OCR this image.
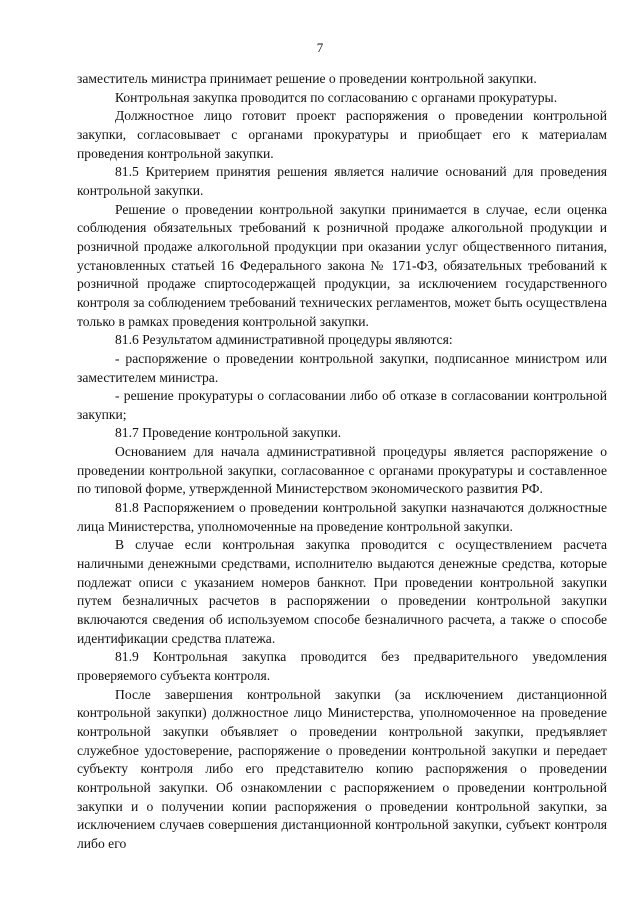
7

заместитель министра принимает решение о проведении контрольной закупки.

Контрольная закупка проводится по согласованию с органами прокуратуры.

Должностное лицо готовит проект распоряжения о проведении контрольной закупки, согласовывает с органами прокуратуры и приобщает его к материалам проведения контрольной закупки.

81.5 Критерием принятия решения является наличие оснований для проведения контрольной закупки.

Решение о проведении контрольной закупки принимается в случае, если оценка соблюдения обязательных требований к розничной продаже алкогольной продукции и розничной продаже алкогольной продукции при оказании услуг общественного питания, установленных статьей 16 Федерального закона № 171-ФЗ, обязательных требований к розничной продаже спиртосодержащей продукции, за исключением государственного контроля за соблюдением требований технических регламентов, может быть осуществлена только в рамках проведения контрольной закупки.

81.6 Результатом административной процедуры являются:

- распоряжение о проведении контрольной закупки, подписанное министром или заместителем министра.

- решение прокуратуры о согласовании либо об отказе в согласовании контрольной закупки;

81.7 Проведение контрольной закупки.

Основанием для начала административной процедуры является распоряжение о проведении контрольной закупки, согласованное с органами прокуратуры и составленное по типовой форме, утвержденной Министерством экономического развития РФ.

81.8 Распоряжением о проведении контрольной закупки назначаются должностные лица Министерства, уполномоченные на проведение контрольной закупки.

В случае если контрольная закупка проводится с осуществлением расчета наличными денежными средствами, исполнителю выдаются денежные средства, которые подлежат описи с указанием номеров банкнот. При проведении контрольной закупки путем безналичных расчетов в распоряжении о проведении контрольной закупки включаются сведения об используемом способе безналичного расчета, а также о способе идентификации средства платежа.

81.9 Контрольная закупка проводится без предварительного уведомления проверяемого субъекта контроля.

После завершения контрольной закупки (за исключением дистанционной контрольной закупки) должностное лицо Министерства, уполномоченное на проведение контрольной закупки объявляет о проведении контрольной закупки, предъявляет служебное удостоверение, распоряжение о проведении контрольной закупки и передает субъекту контроля либо его представителю копию распоряжения о проведении контрольной закупки. Об ознакомлении с распоряжением о проведении контрольной закупки и о получении копии распоряжения о проведении контрольной закупки, за исключением случаев совершения дистанционной контрольной закупки, субъект контроля либо его
